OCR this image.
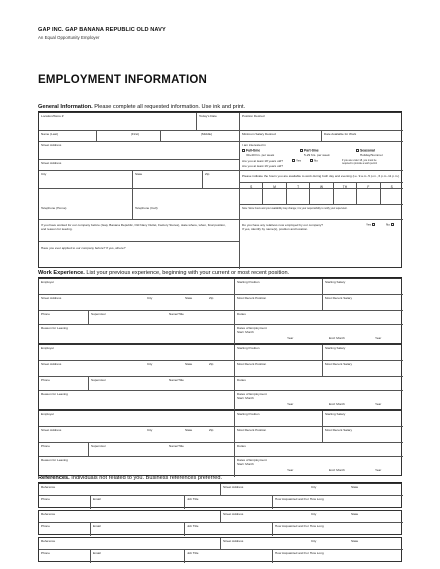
GAP INC. GAP BANANA REPUBLIC OLD NAVY
An Equal Opportunity Employer
EMPLOYMENT INFORMATION
General Information. Please complete all requested information. Use ink and print.
Location/Store #	Today's Date	Position Desired
Name (Last)	(First)	(Middle)	Minimum Salary Desired	Date Available for Work
Street Address
Street Address
City	State	Zip
Telephone (Home)	Telephone (Cell)
If you have worked for our company before (Gap, Banana Republic, Old Navy Outlet, Factory Stores), state where, when, final position, and reason for leaving.
Have you ever applied to our company before? If yes, where?
I am interested in
Full-time
30+40 hrs. per week
Part-time
5-29 hrs. per week
Seasonal
Holiday/Summer
Are you at least 18 years old?	Yes	No	If you are under 18, you must be
required to provide a work permit
Are you at least 16 years old?
Please indicate the hours you are available to work during both day and evening (i.e. 9 a.m.-5 p.m., 6 p.m.-11 p.m.)
S	M	T	W	TH	F	S
Note: Store hours and your availability may change; it is your responsibility to notify your supervisor.
Do you have any relatives now employed by our company?
If yes, identify by name(s), position and location.
Yes	No
Work Experience. List your previous experience, beginning with your current or most recent position.
Employer	Starting Position	Starting Salary
Street Address	City	State	Zip	Most Recent Position	Most Recent Salary
Phone	Supervisor	Name/Title	Duties
Reason for Leaving	Dates of Employment
Start: Month
Year	End: Month	Year
Employer	Starting Position	Starting Salary
Street Address	City	State	Zip	Most Recent Position	Most Recent Salary
Phone	Supervisor	Name/Title	Duties
Reason for Leaving	Dates of Employment
Start: Month
Year	End: Month	Year
Employer	Starting Position	Starting Salary
Street Address	City	State	Zip	Most Recent Position	Most Recent Salary
Phone	Supervisor	Name/Title	Duties
Reason for Leaving	Dates of Employment
Start: Month
Year	End: Month	Year
References. Individuals not related to you. Business references preferred.
Reference	Street Address	City	State
Phone	Email	Job Title	How Acquainted and For How Long
Reference	Street Address	City	State
Phone	Email	Job Title	How Acquainted and For How Long
Reference	Street Address	City	State
Phone	Email	Job Title	How Acquainted and For How Long
